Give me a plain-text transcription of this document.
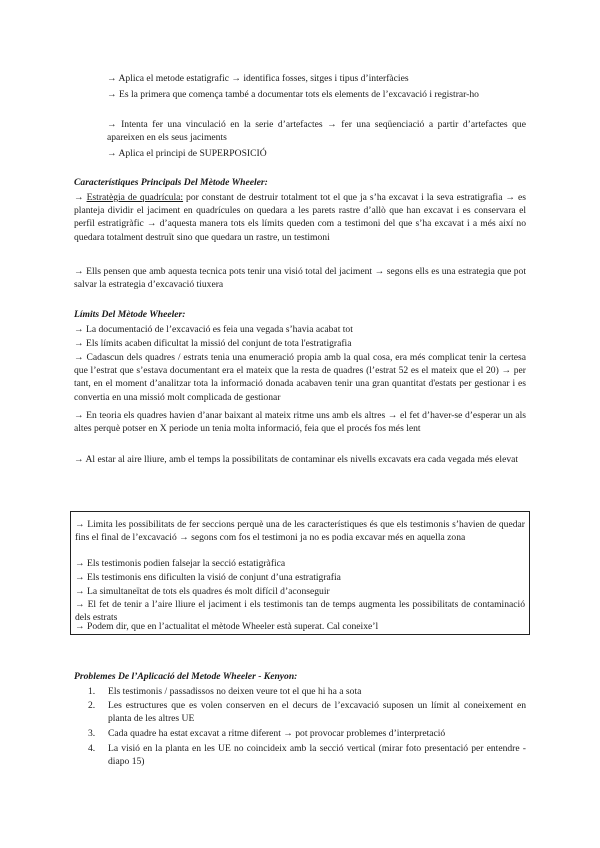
→ Aplica el metode estatigrafic → identifica fosses, sitges i tipus d’interfàcies

→ Es la primera que comença també a documentar tots els elements de l’excavació i registrar-ho

→ Intenta fer una vinculació en la serie d’artefactes → fer una seqüenciació a partir d’artefactes que apareixen en els seus jaciments

→ Aplica el principi de SUPERPOSICIÓ

Característiques Principals Del Mètode Wheeler:

→ Estratègia de quadrícula: por constant de destruir totalment tot el que ja s’ha excavat i la seva estratigrafia → es planteja dividir el jaciment en quadrícules on quedara a les parets rastre d’allò que han excavat i es conservara el perfil estratigràfic → d’aquesta manera tots els límits queden com a testimoni del que s’ha excavat i a més així no quedara totalment destruït sino que quedara un rastre, un testimoni

→ Ells pensen que amb aquesta tecnica pots tenir una visió total del jaciment → segons ells es una estrategia que pot salvar la estrategia d’excavació tiuxera

Límits Del Mètode Wheeler:

→ La documentació de l’excavació es feia una vegada s’havia acabat tot

→ Els límits acaben dificultat la missió del conjunt de tota l'estratigrafia

→ Cadascun dels quadres / estrats tenia una enumeració propia amb la qual cosa, era més complicat tenir la certesa que l’estrat que s’estava documentant era el mateix que la resta de quadres (l’estrat 52 es el mateix que el 20) → per tant, en el moment d’analitzar tota la informació donada acabaven tenir una gran quantitat d'estats per gestionar i es convertia en una missió molt complicada de gestionar

→ En teoria els quadres havien d’anar baixant al mateix ritme uns amb els altres → el fet d’haver-se d’esperar un als altes perquè potser en X periode un tenia molta informació, feia que el procés fos més lent

→ Al estar al aire lliure, amb el temps la possibilitats de contaminar els nivells excavats era cada vegada més elevat

→ Limita les possibilitats de fer seccions perquè una de les característiques és que els testimonis s’havien de quedar fins el final de l’excavació → segons com fos el testimoni ja no es podia excavar més en aquella zona

→ Els testimonis podien falsejar la secció estatigràfica

→ Els testimonis ens dificulten la visió de conjunt d’una estratigrafia

→ La simultaneïtat de tots els quadres és molt difícil d’aconseguir

→ El fet de tenir a l’aire lliure el jaciment i els testimonis tan de temps augmenta les possibilitats de contaminació dels estrats

→ Podem dir, que en l’actualitat el mètode Wheeler està superat. Cal coneixe’l

Problemes De l’Aplicació del Metode Wheeler - Kenyon:

1. Els testimonis / passadissos no deixen veure tot el que hi ha a sota
2. Les estructures que es volen conserven en el decurs de l’excavació suposen un límit al coneixement en planta de les altres UE
3. Cada quadre ha estat excavat a ritme diferent → pot provocar problemes d’interpretació
4. La visió en la planta en les UE no coincideix amb la secció vertical (mirar foto presentació per entendre - diapo 15)
